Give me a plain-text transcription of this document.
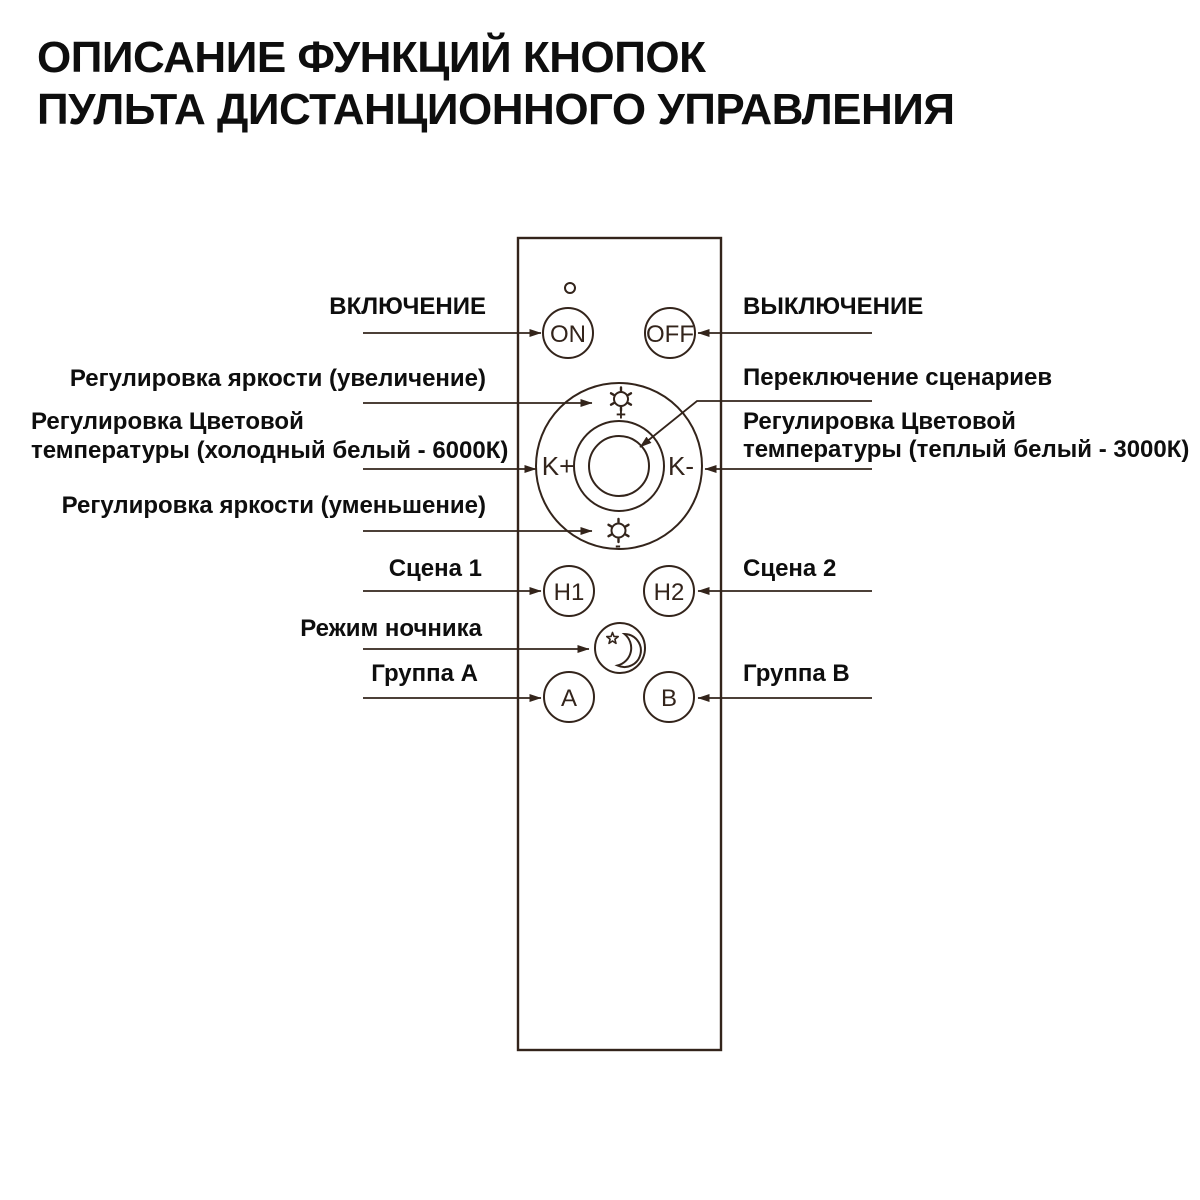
ОПИСАНИЕ ФУНКЦИЙ КНОПОК
ПУЛЬТА ДИСТАНЦИОННОГО УПРАВЛЕНИЯ
ON	OFF
+
-
K+	K-
H1	H2
A	B
ВКЛЮЧЕНИЕ
Регулировка яркости (увеличение)
Регулировка Цветовой
температуры (холодный белый - 6000К)
Регулировка яркости (уменьшение)
Сцена 1
Режим ночника
Группа A
ВЫКЛЮЧЕНИЕ
Переключение сценариев
Регулировка Цветовой
температуры (теплый белый - 3000К)
Сцена 2
Группа B
